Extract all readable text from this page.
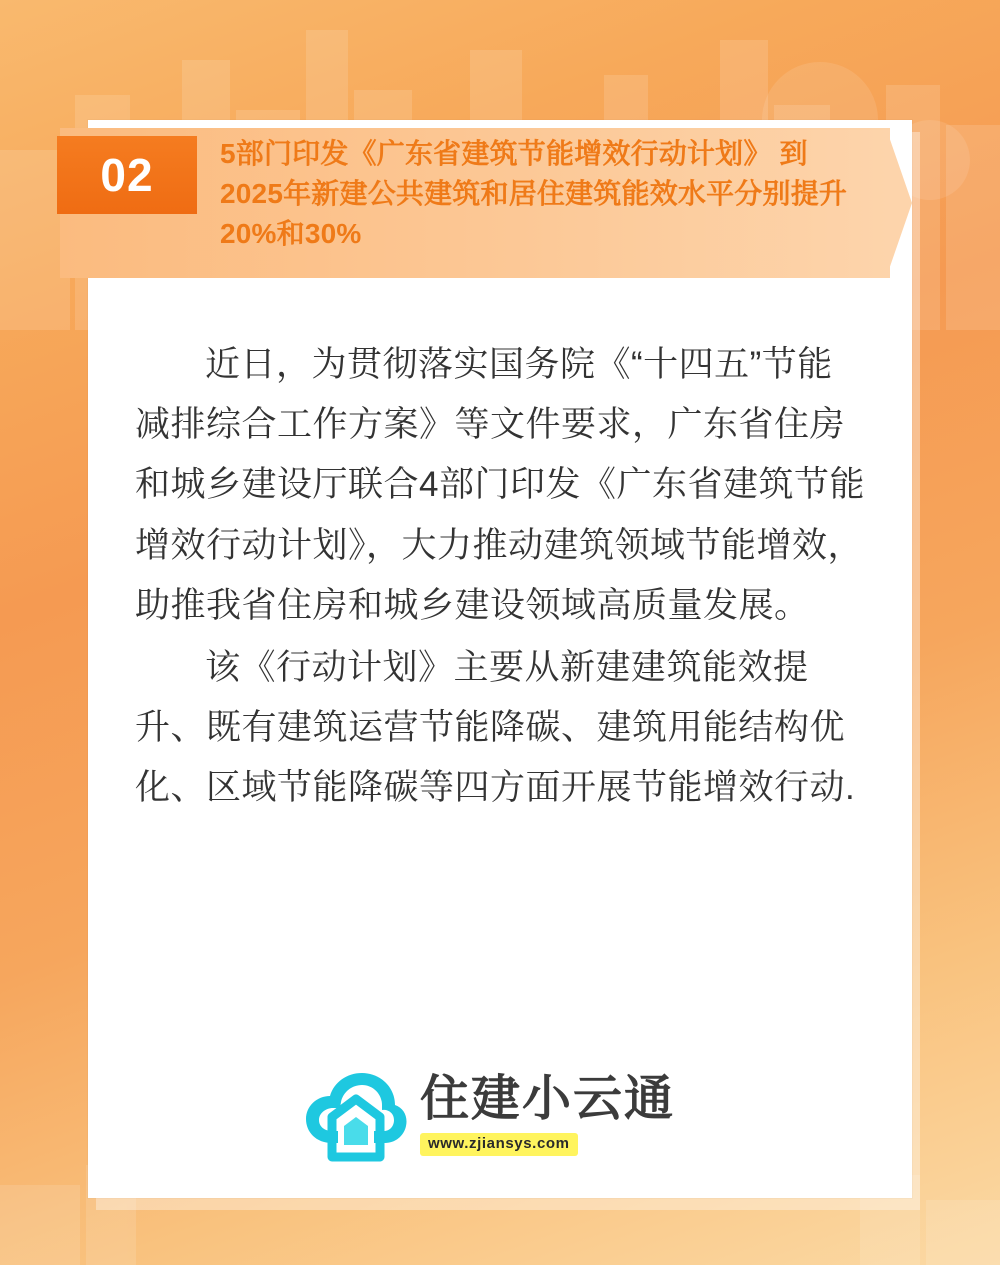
02 5部门印发《广东省建筑节能增效行动计划》 到2025年新建公共建筑和居住建筑能效水平分别提升20%和30%

近日，为贯彻落实国务院《“十四五”节能减排综合工作方案》等文件要求，广东省住房和城乡建设厅联合4部门印发《广东省建筑节能增效行动计划》，大力推动建筑领域节能增效，助推我省住房和城乡建设领域高质量发展。

该《行动计划》主要从新建建筑能效提升、既有建筑运营节能降碳、建筑用能结构优化、区域节能降碳等四方面开展节能增效行动.

住建小云通
www.zjiansys.com
